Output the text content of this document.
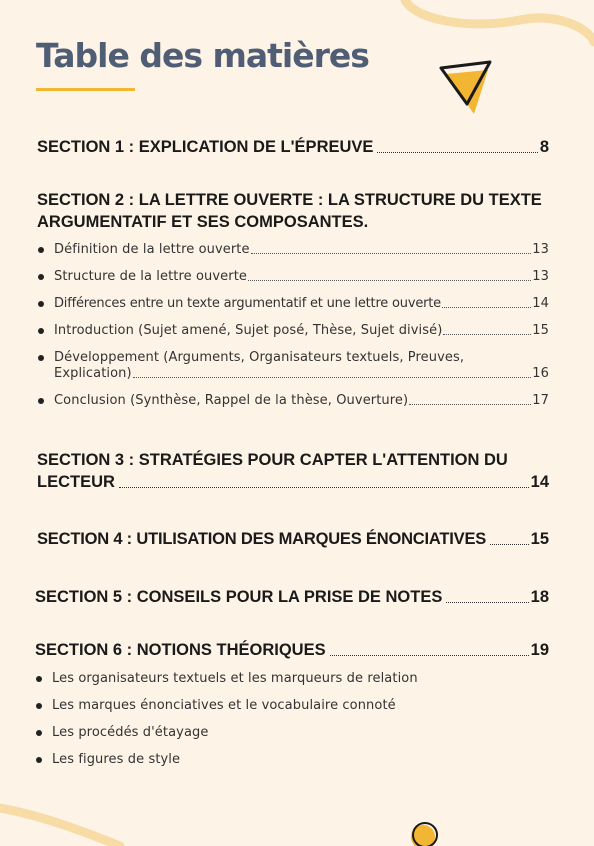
Table des matières
SECTION 1 : EXPLICATION DE L'ÉPREUVE	8
SECTION 2 : LA LETTRE OUVERTE : LA STRUCTURE DU TEXTE ARGUMENTATIF ET SES COMPOSANTES.
Définition de la lettre ouverte	13
Structure de la lettre ouverte	13
Différences entre un texte argumentatif et une lettre ouverte	14
Introduction (Sujet amené, Sujet posé, Thèse, Sujet divisé)	15
Développement (Arguments, Organisateurs textuels, Preuves,
Explication)	16
Conclusion (Synthèse, Rappel de la thèse, Ouverture)	17
SECTION 3 : STRATÉGIES POUR CAPTER L'ATTENTION DU
LECTEUR	14
SECTION 4 : UTILISATION DES MARQUES ÉNONCIATIVES	15
SECTION 5 : CONSEILS POUR LA PRISE DE NOTES	18
SECTION 6 : NOTIONS THÉORIQUES	19
Les organisateurs textuels et les marqueurs de relation
Les marques énonciatives et le vocabulaire connoté
Les procédés d'étayage
Les figures de style
